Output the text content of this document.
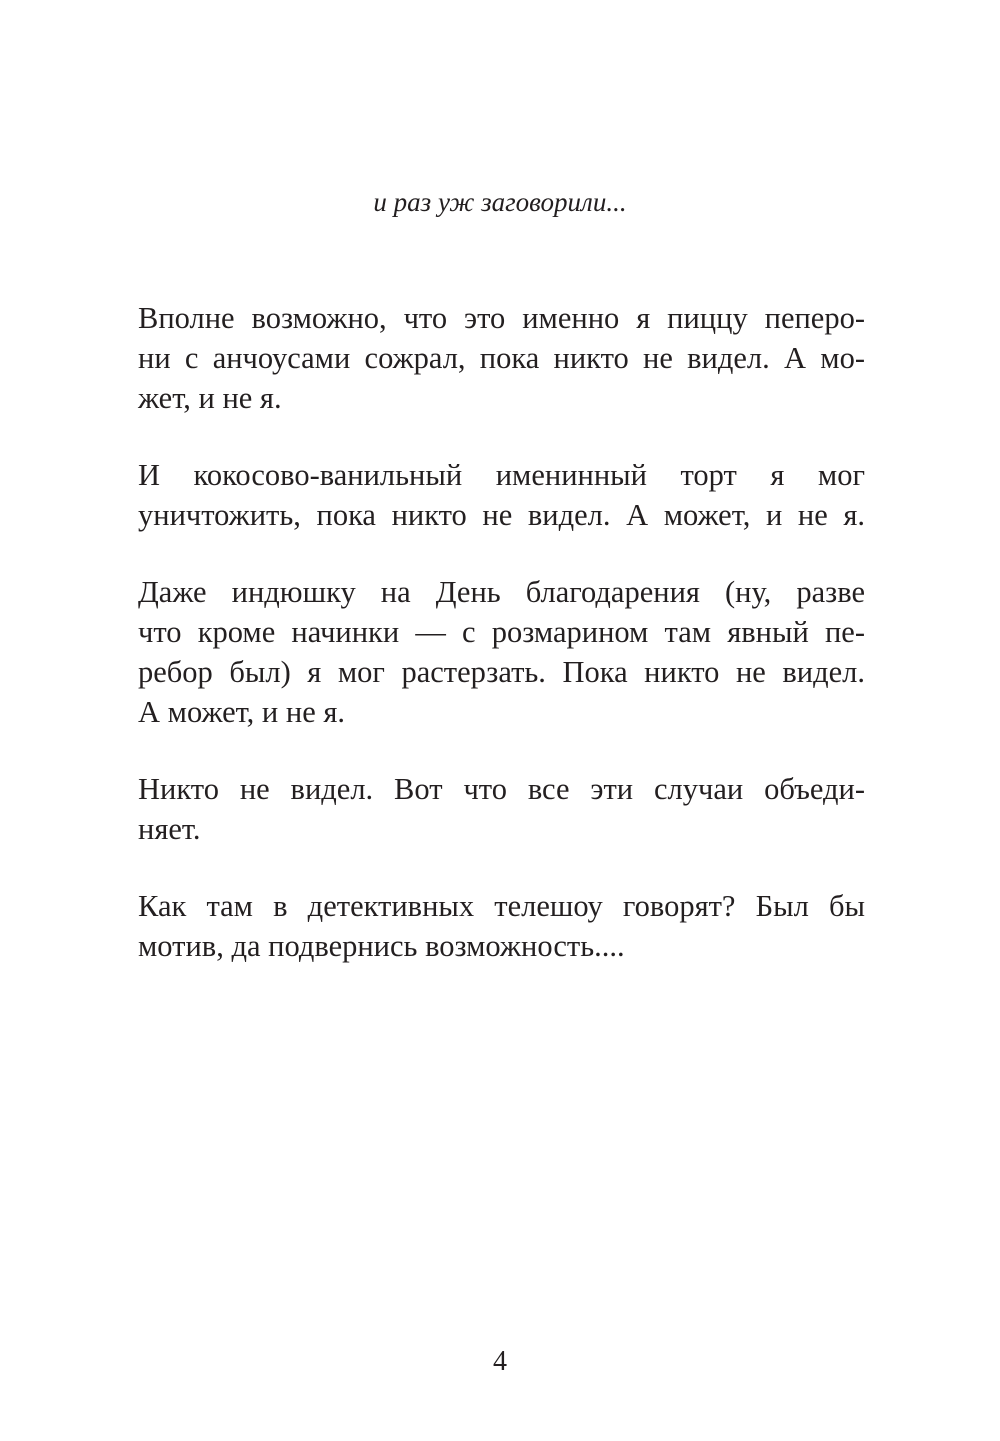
и раз уж заговорили...

Вполне возможно, что это именно я пиццу пеперо-
ни с анчоусами сожрал, пока никто не видел. А мо-
жет, и не я.

И кокосово-ванильный именинный торт я мог
уничтожить, пока никто не видел. А может, и не я.

Даже индюшку на День благодарения (ну, разве
что кроме начинки — с розмарином там явный пе-
ребор был) я мог растерзать. Пока никто не видел.
А может, и не я.

Никто не видел. Вот что все эти случаи объеди-
няет.

Как там в детективных телешоу говорят? Был бы
мотив, да подвернись возможность....

4
